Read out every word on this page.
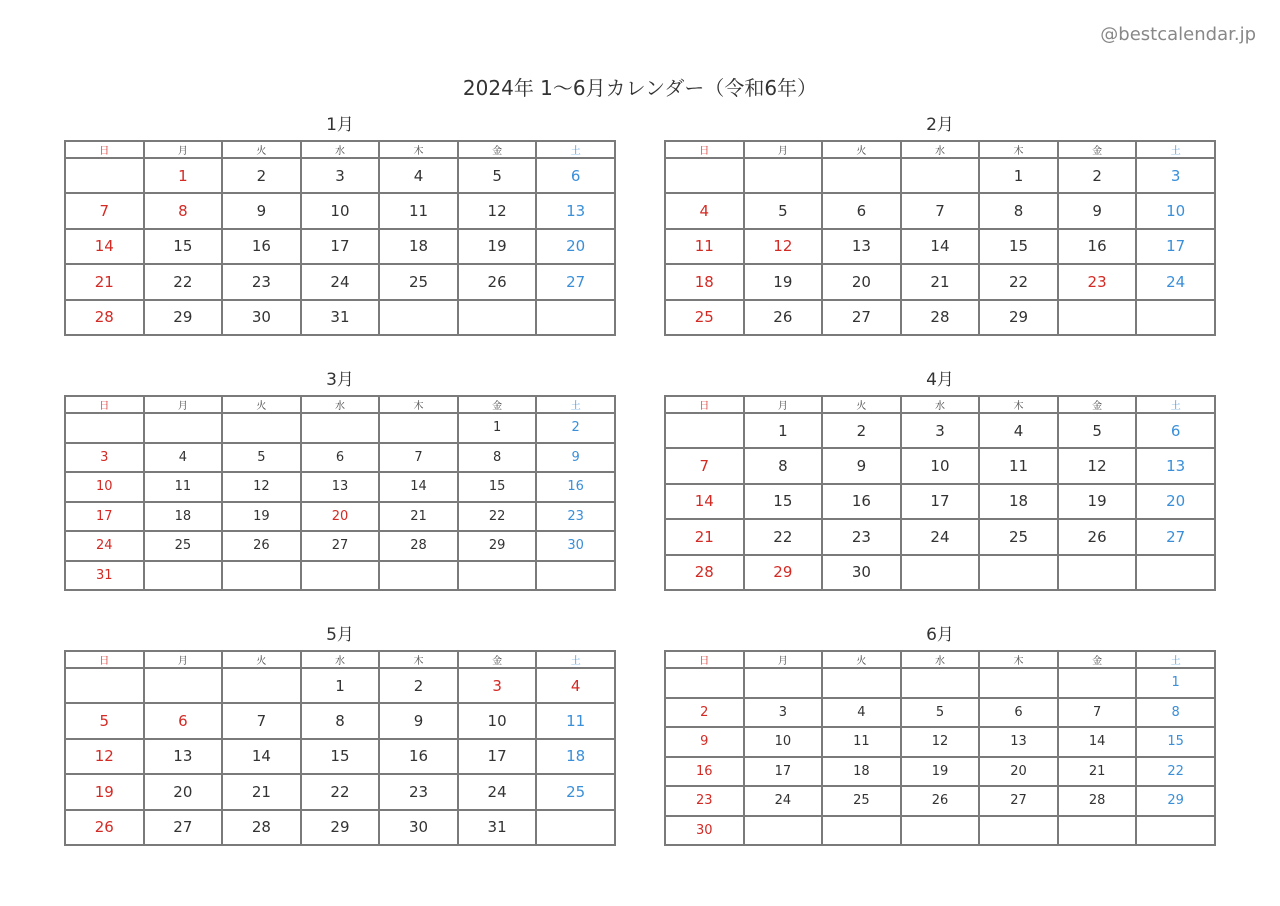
@bestcalendar.jp
2024年 1〜6月カレンダー（令和6年）
1月
日	月	火	水	木	金	土
	1	2	3	4	5	6
7	8	9	10	11	12	13
14	15	16	17	18	19	20
21	22	23	24	25	26	27
28	29	30	31			
2月
日	月	火	水	木	金	土
				1	2	3
4	5	6	7	8	9	10
11	12	13	14	15	16	17
18	19	20	21	22	23	24
25	26	27	28	29		
3月
日	月	火	水	木	金	土
					1	2
3	4	5	6	7	8	9
10	11	12	13	14	15	16
17	18	19	20	21	22	23
24	25	26	27	28	29	30
31						
4月
日	月	火	水	木	金	土
	1	2	3	4	5	6
7	8	9	10	11	12	13
14	15	16	17	18	19	20
21	22	23	24	25	26	27
28	29	30				
5月
日	月	火	水	木	金	土
			1	2	3	4
5	6	7	8	9	10	11
12	13	14	15	16	17	18
19	20	21	22	23	24	25
26	27	28	29	30	31	
6月
日	月	火	水	木	金	土
						1
2	3	4	5	6	7	8
9	10	11	12	13	14	15
16	17	18	19	20	21	22
23	24	25	26	27	28	29
30						
